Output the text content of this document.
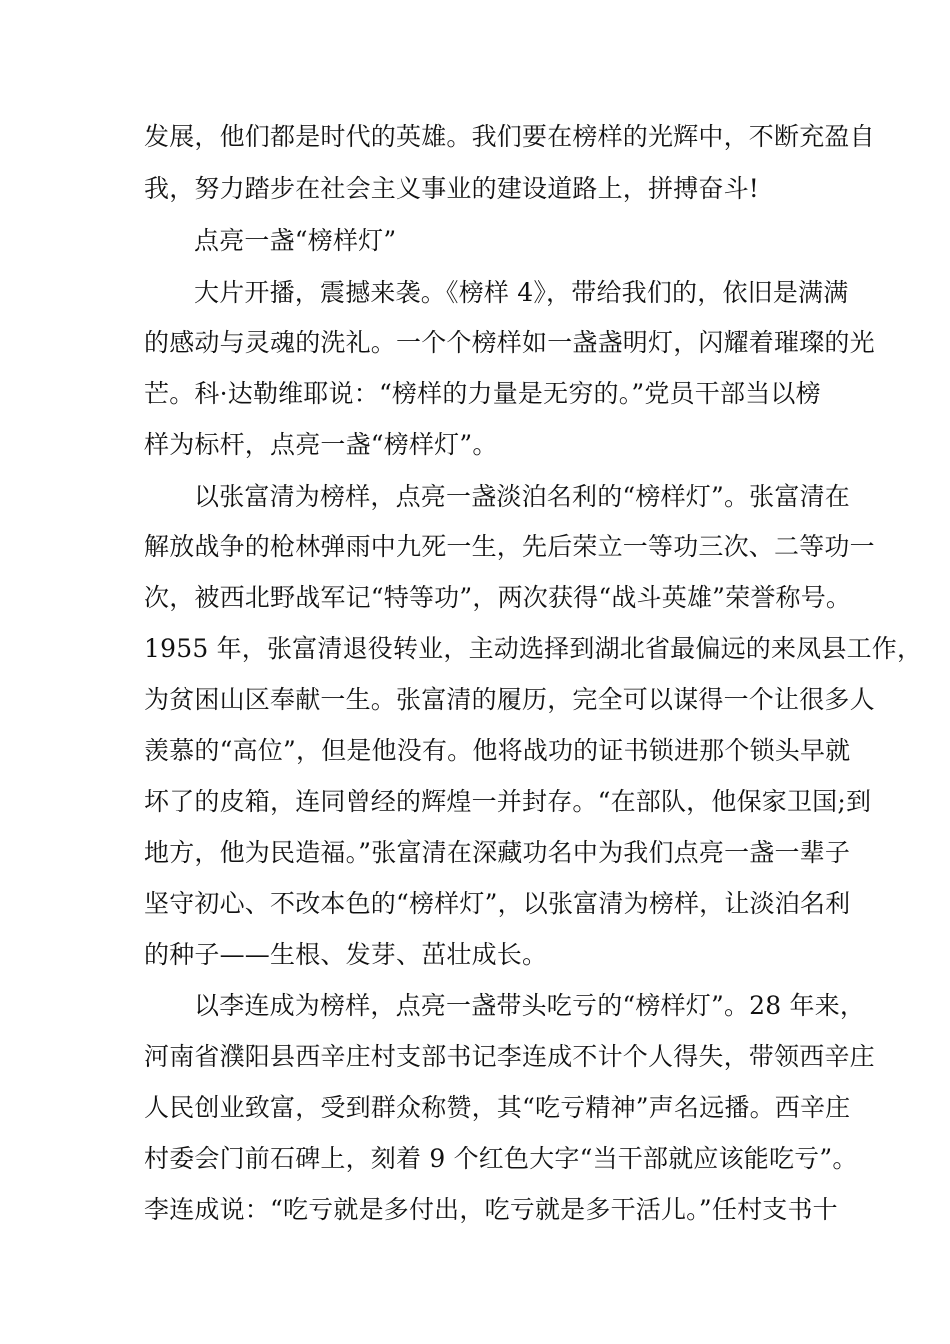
发展，他们都是时代的英雄。我们要在榜样的光辉中，不断充盈自
我，努力踏步在社会主义事业的建设道路上，拼搏奋斗!
点亮一盏“榜样灯”
大片开播，震撼来袭。《榜样 4》，带给我们的，依旧是满满
的感动与灵魂的洗礼。一个个榜样如一盏盏明灯，闪耀着璀璨的光
芒。科·达勒维耶说：“榜样的力量是无穷的。”党员干部当以榜
样为标杆，点亮一盏“榜样灯”。
以张富清为榜样，点亮一盏淡泊名利的“榜样灯”。张富清在
解放战争的枪林弹雨中九死一生，先后荣立一等功三次、二等功一
次，被西北野战军记“特等功”，两次获得“战斗英雄”荣誉称号。
1955 年，张富清退役转业，主动选择到湖北省最偏远的来凤县工作，
为贫困山区奉献一生。张富清的履历，完全可以谋得一个让很多人
羡慕的“高位”，但是他没有。他将战功的证书锁进那个锁头早就
坏了的皮箱，连同曾经的辉煌一并封存。“在部队，他保家卫国;到
地方，他为民造福。”张富清在深藏功名中为我们点亮一盏一辈子
坚守初心、不改本色的“榜样灯”，以张富清为榜样，让淡泊名利
的种子——生根、发芽、茁壮成长。
以李连成为榜样，点亮一盏带头吃亏的“榜样灯”。28 年来，
河南省濮阳县西辛庄村支部书记李连成不计个人得失，带领西辛庄
人民创业致富，受到群众称赞，其“吃亏精神”声名远播。西辛庄
村委会门前石碑上，刻着 9 个红色大字“当干部就应该能吃亏”。
李连成说：“吃亏就是多付出，吃亏就是多干活儿。”任村支书十
